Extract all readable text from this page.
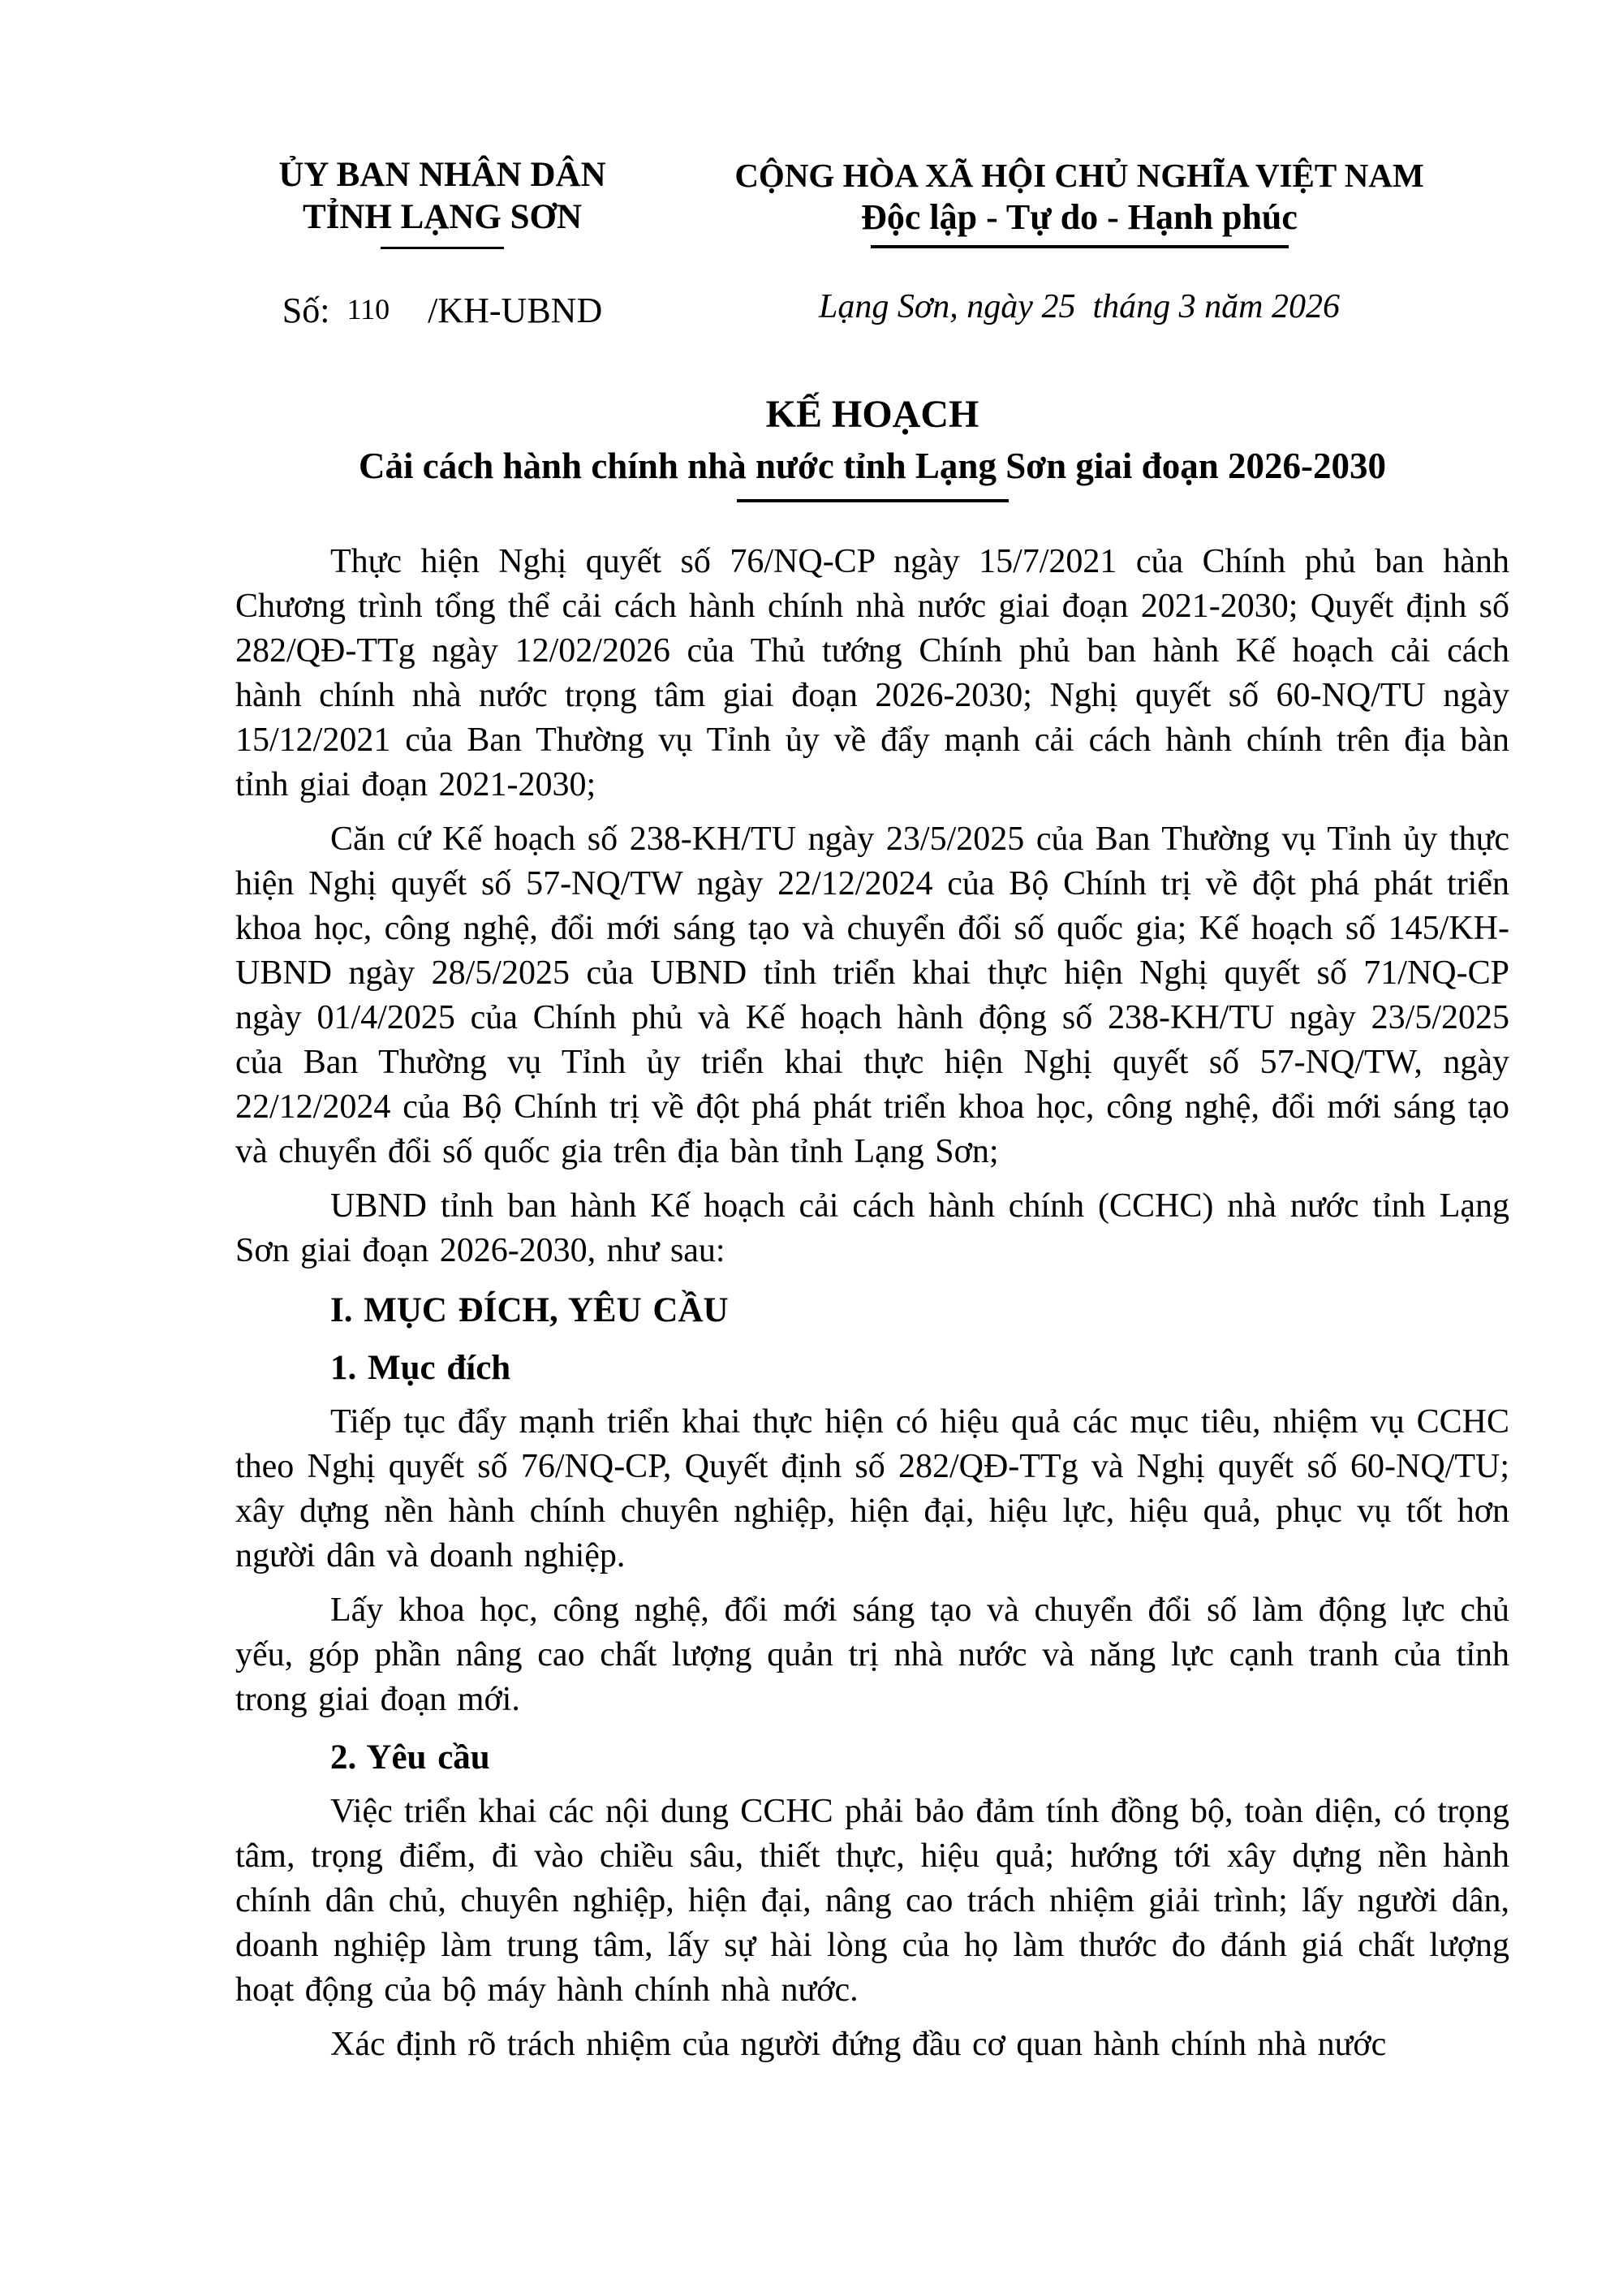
ỦY BAN NHÂN DÂN
TỈNH LẠNG SƠN
Số: 110 /KH-UBND
CỘNG HÒA XÃ HỘI CHỦ NGHĨA VIỆT NAM
Độc lập - Tự do - Hạnh phúc
Lạng Sơn, ngày 25  tháng 3 năm 2026
KẾ HOẠCH
Cải cách hành chính nhà nước tỉnh Lạng Sơn giai đoạn 2026-2030

Thực hiện Nghị quyết số 76/NQ-CP ngày 15/7/2021 của Chính phủ ban hành Chương trình tổng thể cải cách hành chính nhà nước giai đoạn 2021-2030; Quyết định số 282/QĐ-TTg ngày 12/02/2026 của Thủ tướng Chính phủ ban hành Kế hoạch cải cách hành chính nhà nước trọng tâm giai đoạn 2026-2030; Nghị quyết số 60-NQ/TU ngày 15/12/2021 của Ban Thường vụ Tỉnh ủy về đẩy mạnh cải cách hành chính trên địa bàn tỉnh giai đoạn 2021-2030;

Căn cứ Kế hoạch số 238-KH/TU ngày 23/5/2025 của Ban Thường vụ Tỉnh ủy thực hiện Nghị quyết số 57-NQ/TW ngày 22/12/2024 của Bộ Chính trị về đột phá phát triển khoa học, công nghệ, đổi mới sáng tạo và chuyển đổi số quốc gia; Kế hoạch số 145/KH-UBND ngày 28/5/2025 của UBND tỉnh triển khai thực hiện Nghị quyết số 71/NQ-CP ngày 01/4/2025 của Chính phủ và Kế hoạch hành động số 238-KH/TU ngày 23/5/2025 của Ban Thường vụ Tỉnh ủy triển khai thực hiện Nghị quyết số 57-NQ/TW, ngày 22/12/2024 của Bộ Chính trị về đột phá phát triển khoa học, công nghệ, đổi mới sáng tạo và chuyển đổi số quốc gia trên địa bàn tỉnh Lạng Sơn;

UBND tỉnh ban hành Kế hoạch cải cách hành chính (CCHC) nhà nước tỉnh Lạng Sơn giai đoạn 2026-2030, như sau:

I. MỤC ĐÍCH, YÊU CẦU

1. Mục đích

Tiếp tục đẩy mạnh triển khai thực hiện có hiệu quả các mục tiêu, nhiệm vụ CCHC theo Nghị quyết số 76/NQ-CP, Quyết định số 282/QĐ-TTg và Nghị quyết số 60-NQ/TU; xây dựng nền hành chính chuyên nghiệp, hiện đại, hiệu lực, hiệu quả, phục vụ tốt hơn người dân và doanh nghiệp.

Lấy khoa học, công nghệ, đổi mới sáng tạo và chuyển đổi số làm động lực chủ yếu, góp phần nâng cao chất lượng quản trị nhà nước và năng lực cạnh tranh của tỉnh trong giai đoạn mới.

2. Yêu cầu

Việc triển khai các nội dung CCHC phải bảo đảm tính đồng bộ, toàn diện, có trọng tâm, trọng điểm, đi vào chiều sâu, thiết thực, hiệu quả; hướng tới xây dựng nền hành chính dân chủ, chuyên nghiệp, hiện đại, nâng cao trách nhiệm giải trình; lấy người dân, doanh nghiệp làm trung tâm, lấy sự hài lòng của họ làm thước đo đánh giá chất lượng hoạt động của bộ máy hành chính nhà nước.

Xác định rõ trách nhiệm của người đứng đầu cơ quan hành chính nhà nước
